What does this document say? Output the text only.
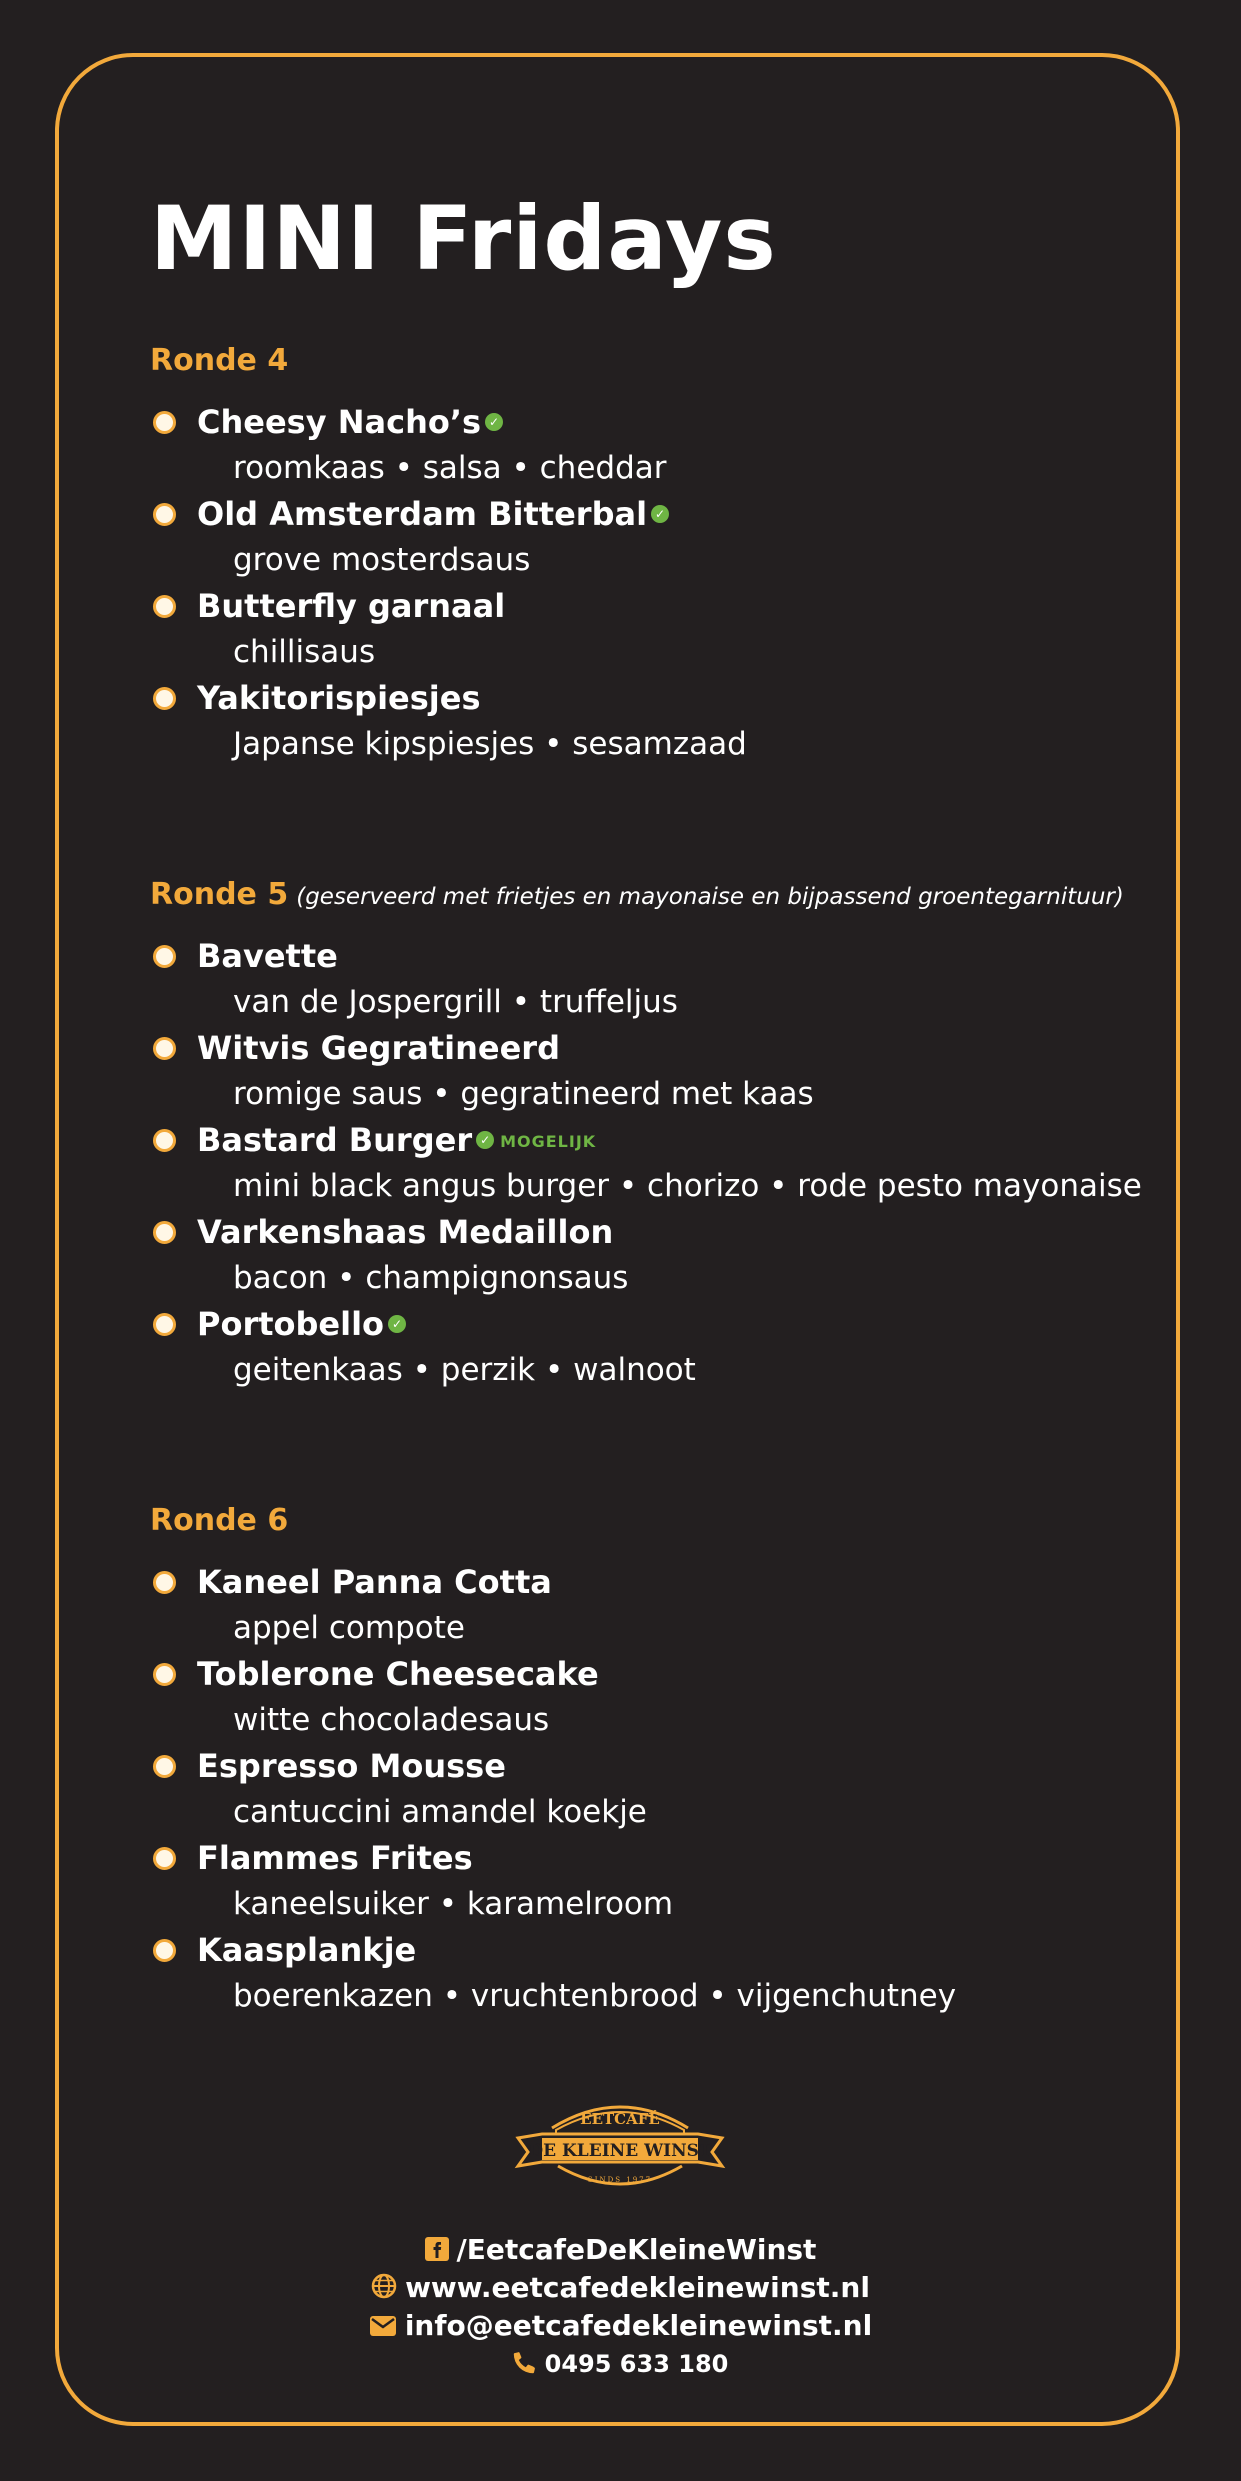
MINI Fridays
Ronde 4
Cheesy Nacho’s ✓
roomkaas • salsa • cheddar
Old Amsterdam Bitterbal ✓
grove mosterdsaus
Butterfly garnaal
chillisaus
Yakitorispiesjes
Japanse kipspiesjes • sesamzaad
Ronde 5 (geserveerd met frietjes en mayonaise en bijpassend groentegarnituur)
Bavette
van de Jospergrill • truffeljus
Witvis Gegratineerd
romige saus • gegratineerd met kaas
Bastard Burger ✓ MOGELIJK
mini black angus burger • chorizo • rode pesto mayonaise
Varkenshaas Medaillon
bacon • champignonsaus
Portobello ✓
geitenkaas • perzik • walnoot
Ronde 6
Kaneel Panna Cotta
appel compote
Toblerone Cheesecake
witte chocoladesaus
Espresso Mousse
cantuccini amandel koekje
Flammes Frites
kaneelsuiker • karamelroom
Kaasplankje
boerenkazen • vruchtenbrood • vijgenchutney
EETCAFÉ
DE KLEINE WINST
SINDS 1977
/EetcafeDeKleineWinst
www.eetcafedekleinewinst.nl
info@eetcafedekleinewinst.nl
0495 633 180
